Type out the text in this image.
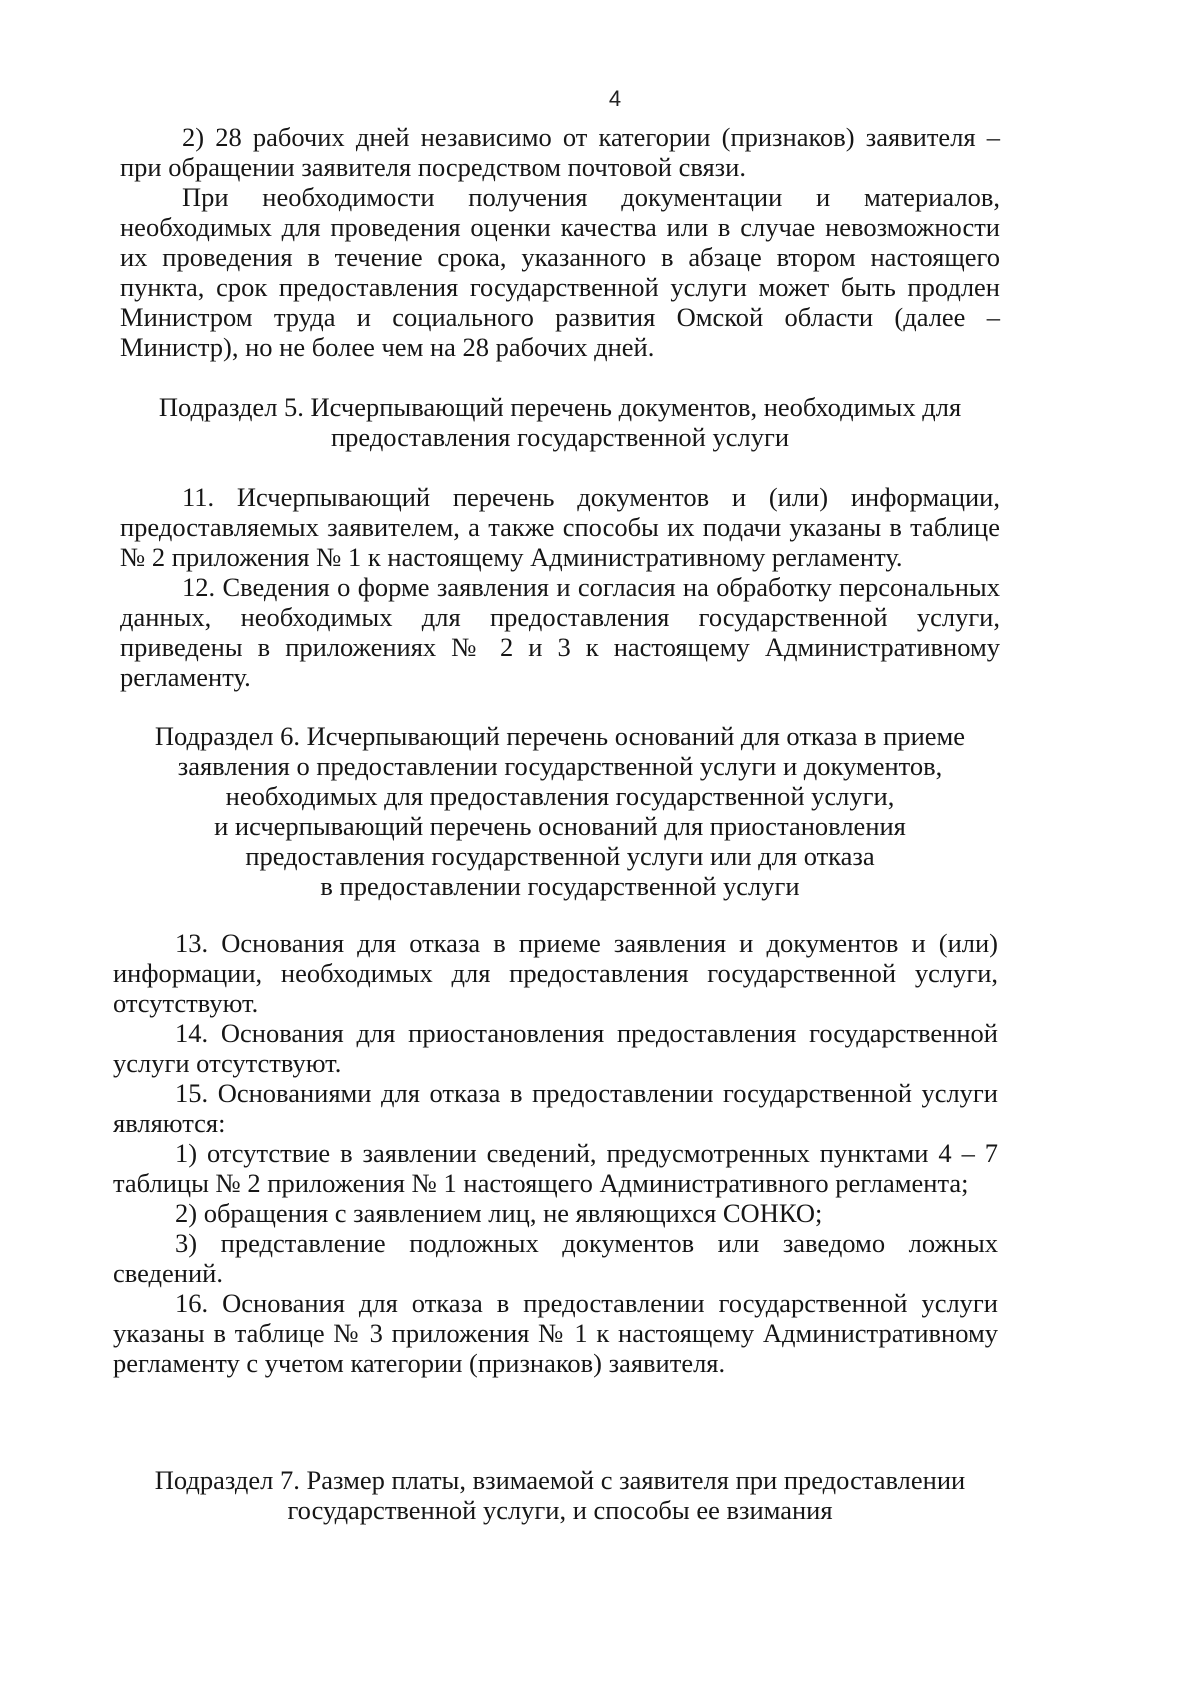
4

2) 28 рабочих дней независимо от категории (признаков) заявителя – при обращении заявителя посредством почтовой связи.

При необходимости получения документации и материалов, необходимых для проведения оценки качества или в случае невозможности их проведения в течение срока, указанного в абзаце втором настоящего пункта, срок предоставления государственной услуги может быть продлен Министром труда и социального развития Омской области (далее – Министр), но не более чем на 28 рабочих дней.

Подраздел 5. Исчерпывающий перечень документов, необходимых для
предоставления государственной услуги

11. Исчерпывающий перечень документов и (или) информации, предоставляемых заявителем, а также способы их подачи указаны в таблице № 2 приложения № 1 к настоящему Административному регламенту.

12. Сведения о форме заявления и согласия на обработку персональных данных, необходимых для предоставления государственной услуги, приведены в приложениях № 2 и 3 к настоящему Административному регламенту.

Подраздел 6. Исчерпывающий перечень оснований для отказа в приеме
заявления о предоставлении государственной услуги и документов,
необходимых для предоставления государственной услуги,
и исчерпывающий перечень оснований для приостановления
предоставления государственной услуги или для отказа
в предоставлении государственной услуги

13. Основания для отказа в приеме заявления и документов и (или) информации, необходимых для предоставления государственной услуги, отсутствуют.

14. Основания для приостановления предоставления государственной услуги отсутствуют.

15. Основаниями для отказа в предоставлении государственной услуги являются:

1) отсутствие в заявлении сведений, предусмотренных пунктами 4 – 7 таблицы № 2 приложения № 1 настоящего Административного регламента;

2) обращения с заявлением лиц, не являющихся СОНКО;

3) представление подложных документов или заведомо ложных сведений.

16. Основания для отказа в предоставлении государственной услуги указаны в таблице № 3 приложения № 1 к настоящему Административному регламенту с учетом категории (признаков) заявителя.

Подраздел 7. Размер платы, взимаемой с заявителя при предоставлении
государственной услуги, и способы ее взимания
